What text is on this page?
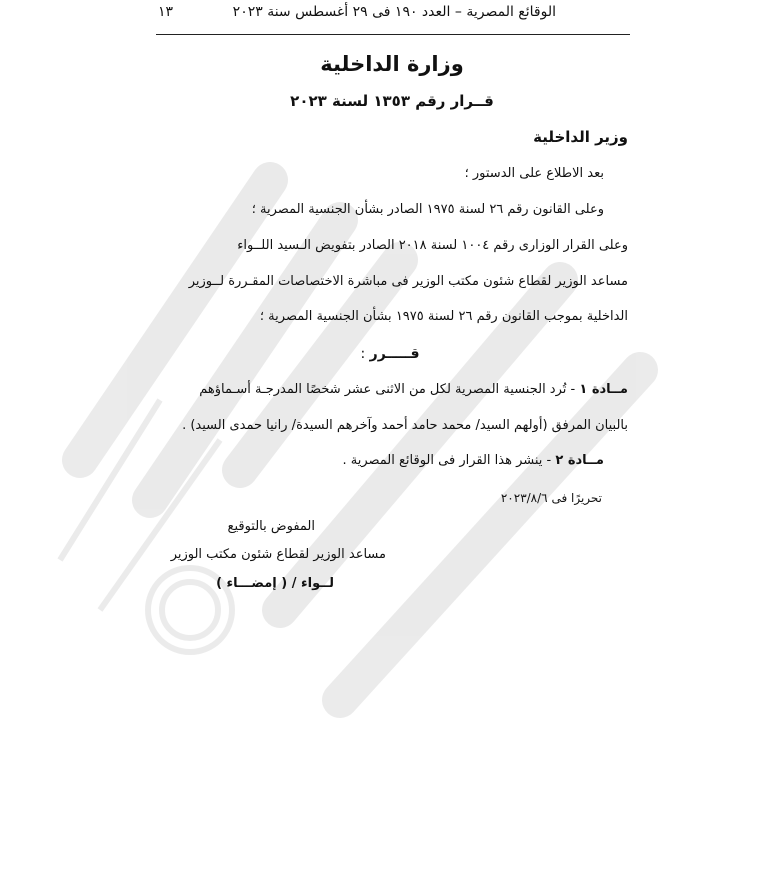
الوقائع المصرية – العدد ١٩٠ فى ٢٩ أغسطس سنة ٢٠٢٣
١٣
وزارة الداخلية
قــرار رقم ١٣٥٣ لسنة ٢٠٢٣
وزير الداخلية
بعد الاطلاع على الدستور ؛
وعلى القانون رقم ٢٦ لسنة ١٩٧٥ الصادر بشأن الجنسية المصرية ؛
وعلى القرار الوزارى رقم ١٠٠٤ لسنة ٢٠١٨ الصادر بتفويض الـسيد اللــواء
مساعد الوزير لقطاع شئون مكتب الوزير فى مباشرة الاختصاصات المقـررة لــوزير
الداخلية بموجب القانون رقم ٢٦ لسنة ١٩٧٥ بشأن الجنسية المصرية ؛
قـــــرر :
مــادة ١ - تُرد الجنسية المصرية لكل من الاثنى عشر شخصًا المدرجـة أسـماؤهم
بالبيان المرفق (أولهم السيد/ محمد حامد أحمد وآخرهم السيدة/ رانيا حمدى السيد) .
مــادة ٢ - ينشر هذا القرار فى الوقائع المصرية .
تحريرًا فى ٢٠٢٣/٨/٦
المفوض بالتوقيع
مساعد الوزير لقطاع شئون مكتب الوزير
لــواء / ( إمضـــاء )
